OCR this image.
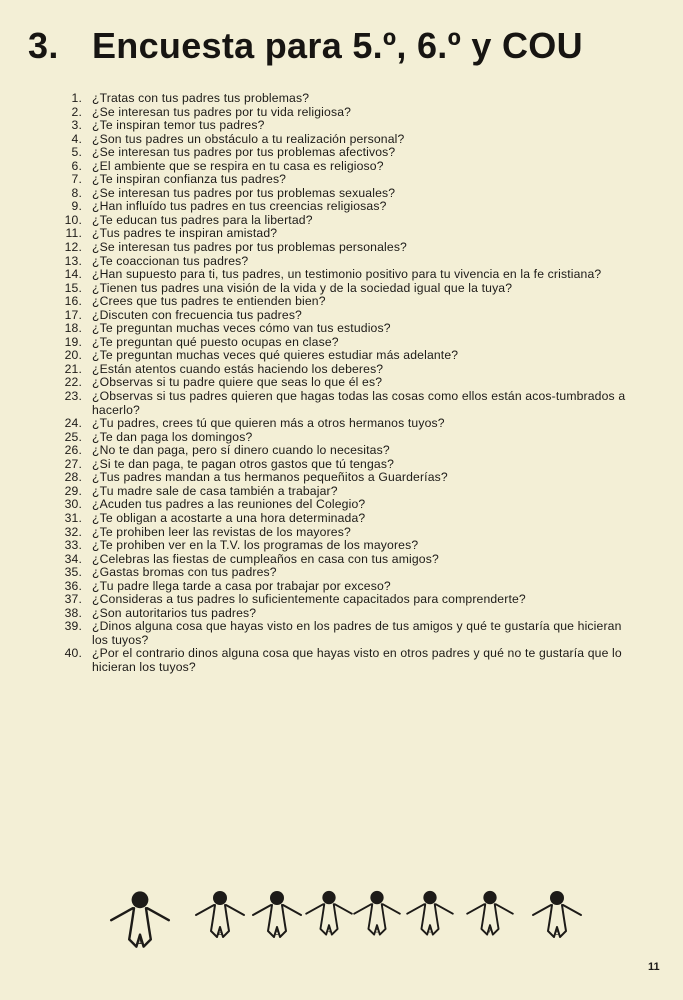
3. Encuesta para 5.º, 6.º y COU
1. ¿Tratas con tus padres tus problemas?
2. ¿Se interesan tus padres por tu vida religiosa?
3. ¿Te inspiran temor tus padres?
4. ¿Son tus padres un obstáculo a tu realización personal?
5. ¿Se interesan tus padres por tus problemas afectivos?
6. ¿El ambiente que se respira en tu casa es religioso?
7. ¿Te inspiran confianza tus padres?
8. ¿Se interesan tus padres por tus problemas sexuales?
9. ¿Han influído tus padres en tus creencias religiosas?
10. ¿Te educan tus padres para la libertad?
11. ¿Tus padres te inspiran amistad?
12. ¿Se interesan tus padres por tus problemas personales?
13. ¿Te coaccionan tus padres?
14. ¿Han supuesto para ti, tus padres, un testimonio positivo para tu vivencia en la fe cristiana?
15. ¿Tienen tus padres una visión de la vida y de la sociedad igual que la tuya?
16. ¿Crees que tus padres te entienden bien?
17. ¿Discuten con frecuencia tus padres?
18. ¿Te preguntan muchas veces cómo van tus estudios?
19. ¿Te preguntan qué puesto ocupas en clase?
20. ¿Te preguntan muchas veces qué quieres estudiar más adelante?
21. ¿Están atentos cuando estás haciendo los deberes?
22. ¿Observas si tu padre quiere que seas lo que él es?
23. ¿Observas si tus padres quieren que hagas todas las cosas como ellos están acos-tumbrados a hacerlo?
24. ¿Tu padres, crees tú que quieren más a otros hermanos tuyos?
25. ¿Te dan paga los domingos?
26. ¿No te dan paga, pero sí dinero cuando lo necesitas?
27. ¿Si te dan paga, te pagan otros gastos que tú tengas?
28. ¿Tus padres mandan a tus hermanos pequeñitos a Guarderías?
29. ¿Tu madre sale de casa también a trabajar?
30. ¿Acuden tus padres a las reuniones del Colegio?
31. ¿Te obligan a acostarte a una hora determinada?
32. ¿Te prohiben leer las revistas de los mayores?
33. ¿Te prohiben ver en la T.V. los programas de los mayores?
34. ¿Celebras las fiestas de cumpleaños en casa con tus amigos?
35. ¿Gastas bromas con tus padres?
36. ¿Tu padre llega tarde a casa por trabajar por exceso?
37. ¿Consideras a tus padres lo suficientemente capacitados para comprenderte?
38. ¿Son autoritarios tus padres?
39. ¿Dinos alguna cosa que hayas visto en los padres de tus amigos y qué te gustaría que hicieran los tuyos?
40. ¿Por el contrario dinos alguna cosa que hayas visto en otros padres y qué no te gustaría que lo hicieran los tuyos?
1
2	3	4	5	6	7	8
11
